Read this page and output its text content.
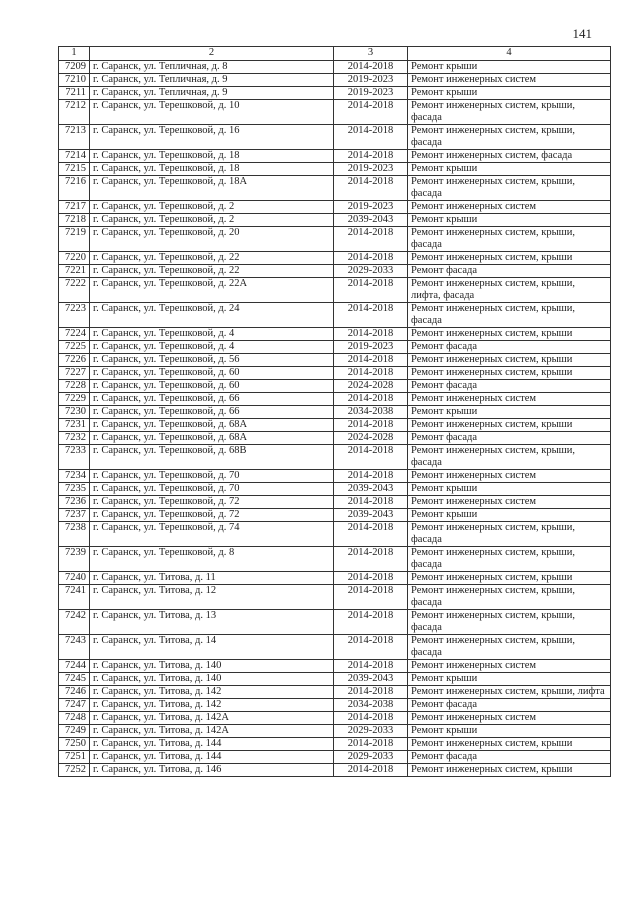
141
1	2	3	4
7209	г. Саранск, ул. Тепличная, д. 8	2014-2018	Ремонт крыши
7210	г. Саранск, ул. Тепличная, д. 9	2019-2023	Ремонт инженерных систем
7211	г. Саранск, ул. Тепличная, д. 9	2019-2023	Ремонт крыши
7212	г. Саранск, ул. Терешковой, д. 10	2014-2018	Ремонт инженерных систем, крыши, фасада
7213	г. Саранск, ул. Терешковой, д. 16	2014-2018	Ремонт инженерных систем, крыши, фасада
7214	г. Саранск, ул. Терешковой, д. 18	2014-2018	Ремонт инженерных систем, фасада
7215	г. Саранск, ул. Терешковой, д. 18	2019-2023	Ремонт крыши
7216	г. Саранск, ул. Терешковой, д. 18А	2014-2018	Ремонт инженерных систем, крыши, фасада
7217	г. Саранск, ул. Терешковой, д. 2	2019-2023	Ремонт инженерных систем
7218	г. Саранск, ул. Терешковой, д. 2	2039-2043	Ремонт крыши
7219	г. Саранск, ул. Терешковой, д. 20	2014-2018	Ремонт инженерных систем, крыши, фасада
7220	г. Саранск, ул. Терешковой, д. 22	2014-2018	Ремонт инженерных систем, крыши
7221	г. Саранск, ул. Терешковой, д. 22	2029-2033	Ремонт фасада
7222	г. Саранск, ул. Терешковой, д. 22А	2014-2018	Ремонт инженерных систем, крыши, лифта, фасада
7223	г. Саранск, ул. Терешковой, д. 24	2014-2018	Ремонт инженерных систем, крыши, фасада
7224	г. Саранск, ул. Терешковой, д. 4	2014-2018	Ремонт инженерных систем, крыши
7225	г. Саранск, ул. Терешковой, д. 4	2019-2023	Ремонт фасада
7226	г. Саранск, ул. Терешковой, д. 56	2014-2018	Ремонт инженерных систем, крыши
7227	г. Саранск, ул. Терешковой, д. 60	2014-2018	Ремонт инженерных систем, крыши
7228	г. Саранск, ул. Терешковой, д. 60	2024-2028	Ремонт фасада
7229	г. Саранск, ул. Терешковой, д. 66	2014-2018	Ремонт инженерных систем
7230	г. Саранск, ул. Терешковой, д. 66	2034-2038	Ремонт крыши
7231	г. Саранск, ул. Терешковой, д. 68А	2014-2018	Ремонт инженерных систем, крыши
7232	г. Саранск, ул. Терешковой, д. 68А	2024-2028	Ремонт фасада
7233	г. Саранск, ул. Терешковой, д. 68В	2014-2018	Ремонт инженерных систем, крыши, фасада
7234	г. Саранск, ул. Терешковой, д. 70	2014-2018	Ремонт инженерных систем
7235	г. Саранск, ул. Терешковой, д. 70	2039-2043	Ремонт крыши
7236	г. Саранск, ул. Терешковой, д. 72	2014-2018	Ремонт инженерных систем
7237	г. Саранск, ул. Терешковой, д. 72	2039-2043	Ремонт крыши
7238	г. Саранск, ул. Терешковой, д. 74	2014-2018	Ремонт инженерных систем, крыши, фасада
7239	г. Саранск, ул. Терешковой, д. 8	2014-2018	Ремонт инженерных систем, крыши, фасада
7240	г. Саранск, ул. Титова, д. 11	2014-2018	Ремонт инженерных систем, крыши
7241	г. Саранск, ул. Титова, д. 12	2014-2018	Ремонт инженерных систем, крыши, фасада
7242	г. Саранск, ул. Титова, д. 13	2014-2018	Ремонт инженерных систем, крыши, фасада
7243	г. Саранск, ул. Титова, д. 14	2014-2018	Ремонт инженерных систем, крыши, фасада
7244	г. Саранск, ул. Титова, д. 140	2014-2018	Ремонт инженерных систем
7245	г. Саранск, ул. Титова, д. 140	2039-2043	Ремонт крыши
7246	г. Саранск, ул. Титова, д. 142	2014-2018	Ремонт инженерных систем, крыши, лифта
7247	г. Саранск, ул. Титова, д. 142	2034-2038	Ремонт фасада
7248	г. Саранск, ул. Титова, д. 142А	2014-2018	Ремонт инженерных систем
7249	г. Саранск, ул. Титова, д. 142А	2029-2033	Ремонт крыши
7250	г. Саранск, ул. Титова, д. 144	2014-2018	Ремонт инженерных систем, крыши
7251	г. Саранск, ул. Титова, д. 144	2029-2033	Ремонт фасада
7252	г. Саранск, ул. Титова, д. 146	2014-2018	Ремонт инженерных систем, крыши
